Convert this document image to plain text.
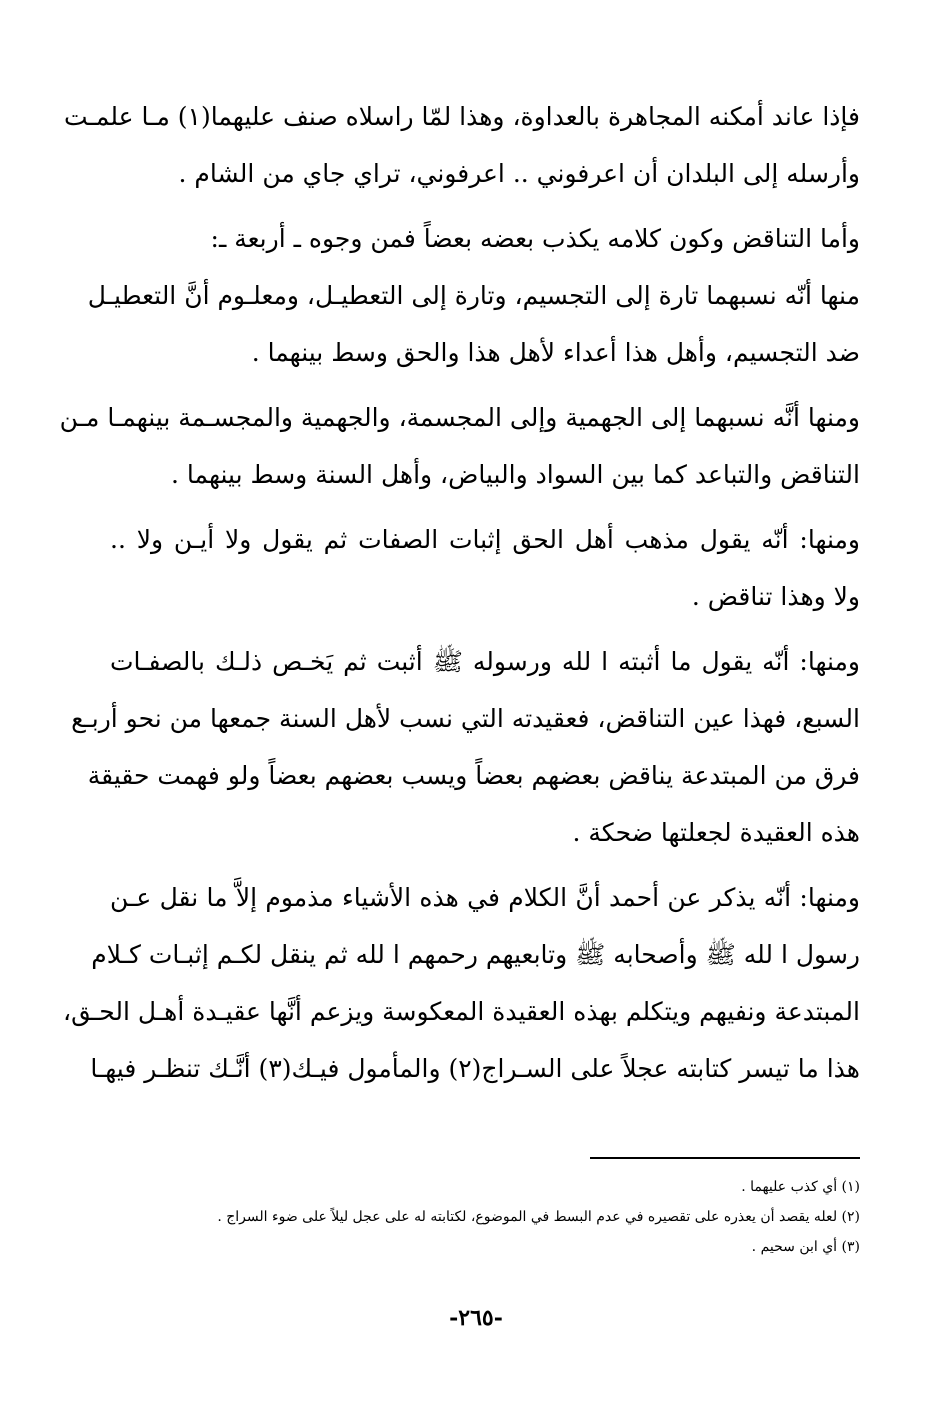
فإذا عاند أمكنه المجاهرة بالعداوة، وهذا لمّا راسلاه صنف عليهما(١) مـا علمـت
وأرسله إلى البلدان أن اعرفوني .. اعرفوني، تراي جاي من الشام .
وأما التناقض وكون كلامه يكذب بعضه بعضاً فمن وجوه ـ أربعة ـ:
منها أنّه نسبهما تارة إلى التجسيم، وتارة إلى التعطيـل، ومعلـوم أنَّ التعطيـل
ضد التجسيم، وأهل هذا أعداء لأهل هذا والحق وسط بينهما .
ومنها أنَّه نسبهما إلى الجهمية وإلى المجسمة، والجهمية والمجسـمة بينهمـا مـن
التناقض والتباعد كما بين السواد والبياض، وأهل السنة وسط بينهما .
ومنها: أنّه يقول مذهب أهل الحق إثبات الصفات ثم يقول ولا أيـن ولا ..
ولا وهذا تناقض .
ومنها: أنّه يقول ما أثبته ا لله ورسوله ﷺ أثبت ثم يَخـص ذلـك بالصفـات
السبع، فهذا عين التناقض، فعقيدته التي نسب لأهل السنة جمعها من نحو أربـع
فرق من المبتدعة يناقض بعضهم بعضاً ويسب بعضهم بعضاً ولو فهمت حقيقة
هذه العقيدة لجعلتها ضحكة .
ومنها: أنّه يذكر عن أحمد أنَّ الكلام في هذه الأشياء مذموم إلاَّ ما نقل عـن
رسول ا لله ﷺ وأصحابه ﷺ وتابعيهم رحمهم ا لله ثم ينقل لكـم إثبـات كـلام
المبتدعة ونفيهم ويتكلم بهذه العقيدة المعكوسة ويزعم أنَّها عقيـدة أهـل الحـق،
هذا ما تيسر كتابته عجلاً على السـراج(٢) والمأمول فيـك(٣) أنَّـك تنظـر فيهـا
(١) أي كذب عليهما .
(٢) لعله يقصد أن يعذره على تقصيره في عدم البسط في الموضوع، لكتابته له على عجل ليلاً على ضوء السراج .
(٣) أي ابن سحيم .
-٢٦٥-
